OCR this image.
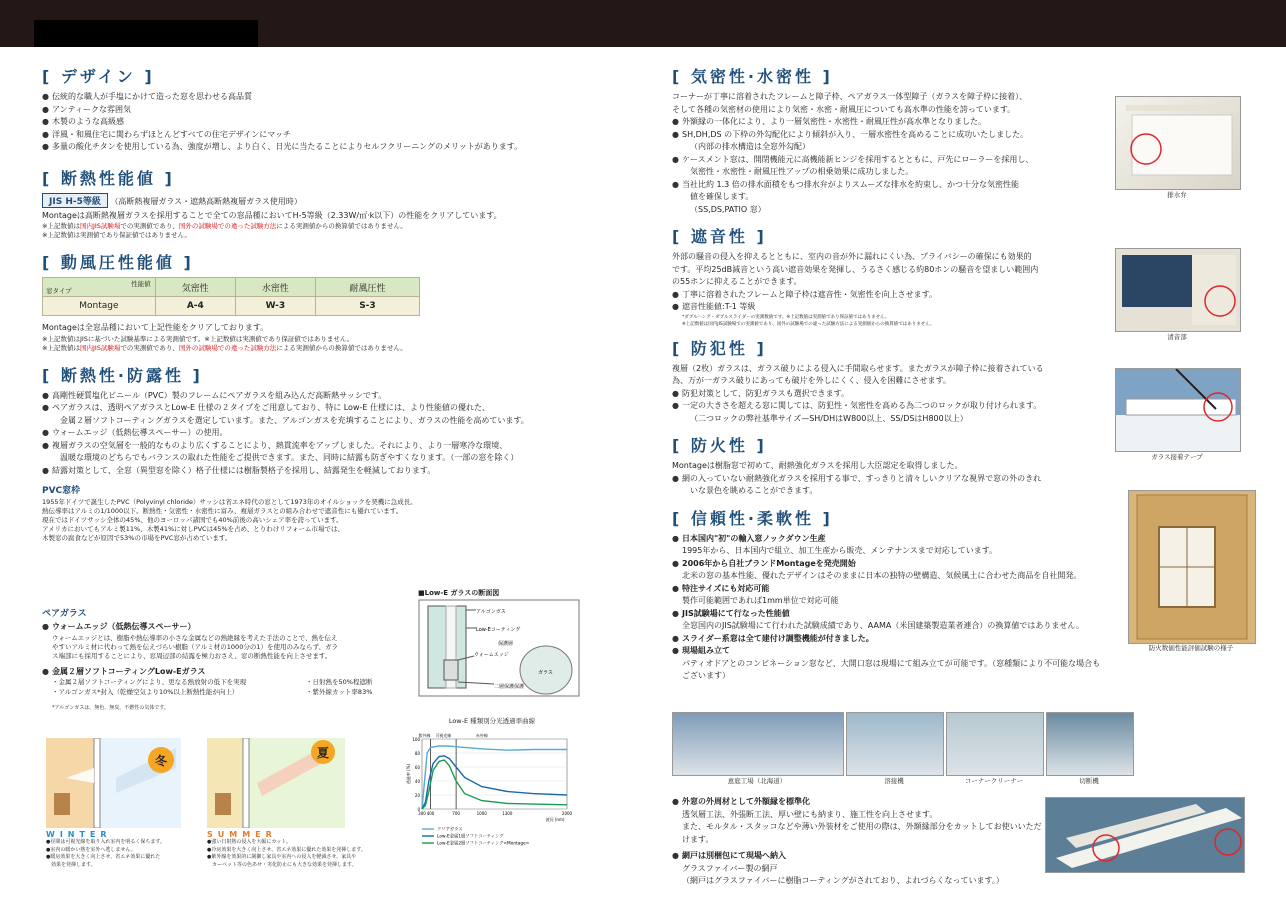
[ デザイン ]
● 伝統的な職人が手塩にかけて造った窓を思わせる高品質
● アンティークな雰囲気
● 木製のような高級感
● 洋風・和風住宅に関わらずほとんどすべての住宅デザインにマッチ
● 多量の酸化チタンを使用している為、強度が増し、より白く、日光に当たることによりセルフクリーニングのメリットがあります。
[ 断熱性能値 ]
JIS H-5等級 （高断熱複層ガラス・遮熱高断熱複層ガラス使用時）

Montageは高断熱複層ガラスを採用することで全ての窓品種においてH-5等級（2.33W/㎡·k以下）の性能をクリアしています。

※上記数値は国内JIS試験場での実測値であり、国外の試験場での違った試験方法による実測値からの換算値ではありません。

※上記数値は実測値であり保証値ではありません。

[ 動風圧性能値 ]
性能値
窓タイプ	気密性	水密性	耐風圧性
Montage	A-4	W-3	S-3

Montageは全窓品種において上記性能をクリアしております。

※上記数値はJISに基づいた試験基準による実測値です。※上記数値は実測値であり保証値ではありません。

※上記数値は国内JIS試験場での実測値であり、国外の試験場での違った試験方法による実測値からの換算値ではありません。

[ 断熱性·防露性 ]
● 高剛性硬質塩化ビニール（PVC）製のフレームにペアガラスを組み込んだ高断熱サッシです。
● ペアガラスは、透明ペアガラスとLow-E 仕様の２タイプをご用意しており、特に Low-E 仕様には、より性能値の優れた、
金属２層ソフトコーティングガラスを選定しています。また、アルゴンガスを充填することにより、ガラスの性能を高めています。
● ウォームエッジ（低熱伝導スペーサー）の使用。
● 複層ガラスの空気層を一般的なものより広くすることにより、熱貫流率をアップしました。それにより、より一層寒冷な環境、
温暖な環境のどちらでもバランスの取れた性能をご提供できます。また、同時に結露も防ぎやすくなります。（一部の窓を除く）
● 結露対策として、全窓（異型窓を除く）格子仕様には樹脂製格子を採用し、結露発生を軽減しております。
PVC窓枠

1955年ドイツで誕生したPVC（Polyvinyl chloride）サッシは省エネ時代の窓として1973年のオイルショックを契機に急成長。

熱伝導率はアルミの1/1000以下。断熱性・気密性・水密性に富み、複層ガラスとの組み合わせで遮音性にも優れています。

現在ではドイツサッシ全体の45%、他のヨーロッパ諸国でも40%前後の高いシェア率を誇っています。

アメリカにおいてもアルミ製11%、木製41%に対しPVCは45%を占め、とりわけリフォーム市場では、

木製窓の腐食などが原因で53%の市場をPVC窓が占めています。

ペアガラス
● ウォームエッジ（低熱伝導スペーサー）

ウォームエッジとは、樹脂や熱伝導率の小さな金属などの熱絶縁を考えた手法のことで、熱を伝え

やすいアルミ材に代わって熱を伝えづらい樹脂（アルミ材の1000分の1）を使用のみならず、ガラ

ス端部にも採用することにより、窓周辺部の結露を極力おさえ、窓の断熱性能を向上させます。

● 金属２層ソフトコーティングLow-Eガラス

・金属２層ソフトコーティングにより、更なる熱放射の低下を実現

・アルゴンガス*封入（乾燥空気より10%以上断熱性能が向上）

・日射熱を50%程遮断

・紫外線カット率83%

*アルゴンガスは、無色、無臭、不燃性の気体です。

■Low-E ガラスの断面図
アルゴンガス
Low-Eコーティング
保護層
ウォームエッジ
ガラス
二層保護保護
冬
夏
WINTER

●昼間は可視光線を取り入れ室内を明るく保ちます。

●室内の暖かい熱を室外へ逃しません。

●暖房効果を大きく向上させ、省エネ効果に優れた

　効果を発揮します。

SUMMER

●強い日射熱の侵入を大幅にカット。

●冷房効果を大きく向上させ、省エネ効果に優れた効果を発揮します。

●紫外線を効果的に制御し家具や室内への侵入を軽減させ、家具や

　カーペット等の色あせ・劣化防止にも大きな効果を発揮します。

Low-E 種類別分光透過率曲線
0
20
40
60
80
100
300 400	700	1000	1300	2000
紫外線 可視光線	赤外線
波長 (nm)
透過率 (%)
クリアガラス
Low-E金属1層ソフトコーティング
Low-E金属2層ソフトコーティング<Montage>
[ 気密性·水密性 ]

コーナーが丁寧に溶着されたフレームと障子枠、ペアガラス一体型障子（ガラスを障子枠に接着）、

そして各種の気密材の使用により気密・水密・耐風圧についても高水準の性能を誇っています。

● 外額縁の一体化により、より一層気密性・水密性・耐風圧性が高水準となりました。
● SH,DH,DS の下枠の外勾配化により傾斜が入り、一層水密性を高めることに成功いたしました。
（内部の排水構造は全窓外勾配）
● ケースメント窓は、開閉機能元に高機能新ヒンジを採用するとともに、戸先にローラーを採用し、
気密性・水密性・耐風圧性アップの相乗効果に成功しました。
● 当社比約 1.3 倍の排水面積をもつ排水弁がよりスムーズな排水を約束し、かつ十分な気密性能
値を確保します。
（SS,DS,PATIO 窓）
[ 遮音性 ]

外部の騒音の侵入を抑えるとともに、室内の音が外に漏れにくい為、プライバシーの確保にも効果的

です。平均25dB減音という高い遮音効果を発揮し、うるさく感じる約80ホンの騒音を望ましい範囲内

の55ホンに抑えることができます。

● 丁寧に溶着されたフレームと障子枠は遮音性・気密性を向上させます。
● 遮音性能値:T-1 等級

*ダブルハング・ダブルスライダーの実測数値です。※上記数値は実測値であり保証値ではありません。

※上記数値は国内JIS試験場での実測値であり、国外の試験場での違った試験方法による実測値からの換算値ではありません。

[ 防犯性 ]

複層（2枚）ガラスは、ガラス破りによる侵入に手間取らせます。またガラスが障子枠に接着されている

為、万が一ガラス破りにあっても破片を外しにくく、侵入を困難にさせます。

● 防犯対策として、防犯ガラスも選択できます。
● 一定の大きさを超える窓に関しては、防犯性・気密性を高める為二つのロックが取り付けられます。
（二つロックの弊社基準サイズ—SH/DHはW800以上、SS/DSはH800以上）
[ 防火性 ]

Montageは樹脂窓で初めて、耐熱強化ガラスを採用し大臣認定を取得しました。

● 網の入っていない耐熱強化ガラスを採用する事で、すっきりと清々しいクリアな視界で窓の外のきれ
いな景色を眺めることができます。
[ 信頼性·柔軟性 ]
● 日本国内"初"の輸入窓ノックダウン生産
1995年から、日本国内で組立、加工生産から販売、メンテナンスまで対応しています。
● 2006年から自社ブランドMontageを発売開始
北米の窓の基本性能、優れたデザインはそのままに日本の独特の壁構造、気候風土に合わせた商品を自社開発。
● 特注サイズにも対応可能
製作可能範囲であれば1mm単位で対応可能
● JIS試験場にて行なった性能値
全窓国内のJIS試験場にて行われた試験成績であり、AAMA（米国建築製造業者連合）の換算値ではありません。
● スライダー系窓は全て建付け調整機能が付きました。
● 現場組み立て
パティオドアとのコンビネーション窓など、大開口窓は現場にて組み立てが可能です。（窓種類により不可能な場合もございます）
排水弁
清音部
ガラス接着テープ
防火数価性能評価試験の様子
恵庭工場（北海道）	溶接機	コーナークリーナー	切断機
● 外窓の外周材として外額縁を標準化
透気層工法、外張断工法、厚い壁にも納まり、施工性を向上させます。
また、モルタル・スタッコなどや薄い外装材をご使用の際は、外額縁部分をカットしてお使いいただけます。
● 網戸は別梱包にて現場へ納入
グラスファイバー製の網戸
（網戸はグラスファイバーに樹脂コーティングがされており、よれづらくなっています。）
